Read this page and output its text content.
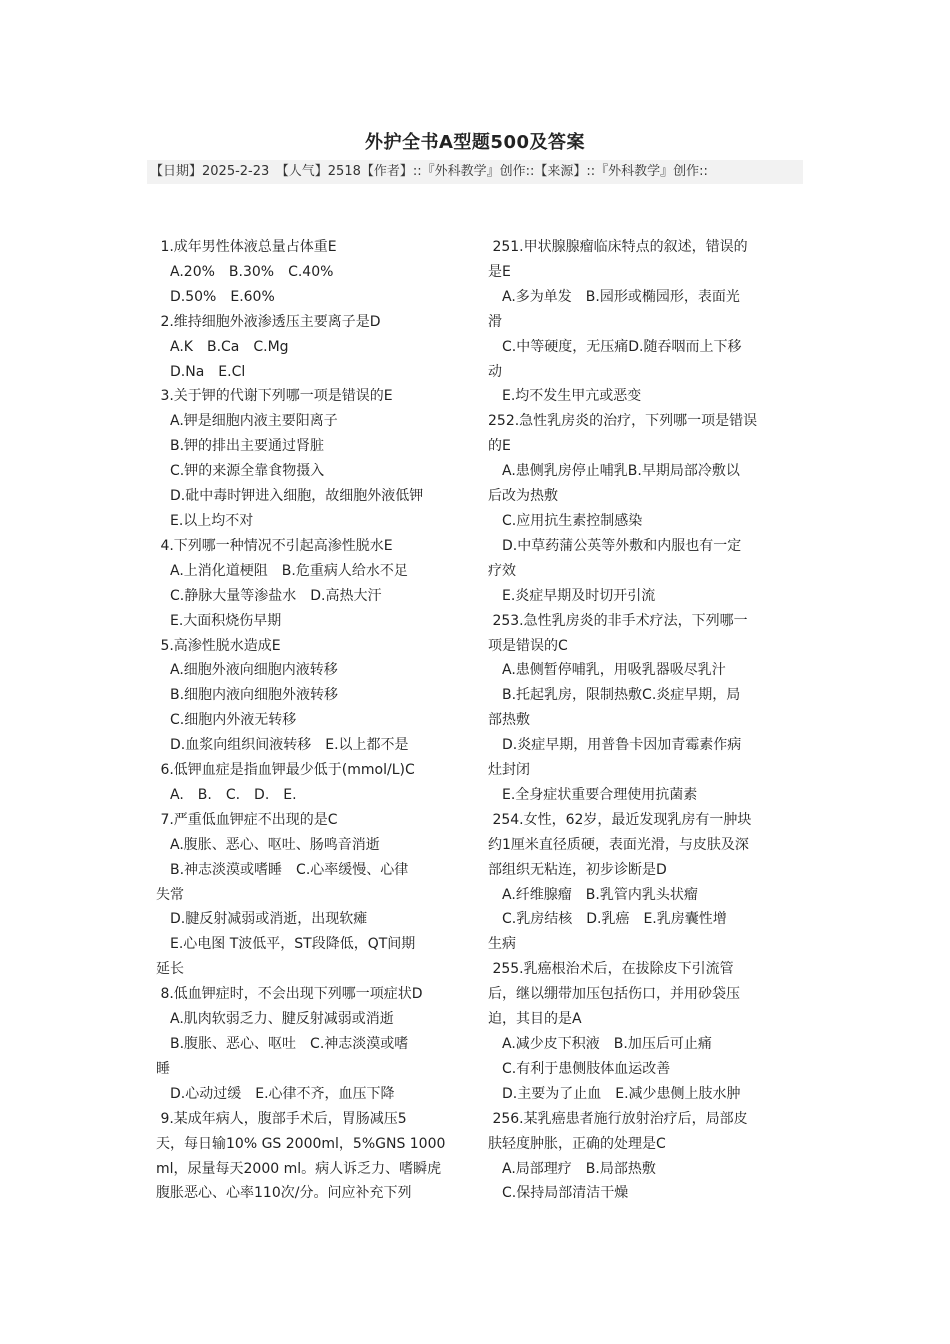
外护全书A型题500及答案
【日期】2025-2-23　【人气】2518【作者】::『外科教学』创作::【来源】::『外科教学』创作::

1.成年男性体液总量占体重E

　A.20%　B.30%　C.40%

　D.50%　E.60%

2.维持细胞外液渗透压主要离子是D

　A.K　B.Ca　C.Mg

　D.Na　E.Cl

3.关于钾的代谢下列哪一项是错误的E

　A.钾是细胞内液主要阳离子

　B.钾的排出主要通过肾脏

　C.钾的来源全靠食物摄入

　D.砒中毒时钾进入细胞，故细胞外液低钾

　E.以上均不对

4.下列哪一种情况不引起高渗性脱水E

　A.上消化道梗阻　B.危重病人给水不足

　C.静脉大量等渗盐水　D.高热大汗

　E.大面积烧伤早期

5.高渗性脱水造成E

　A.细胞外液向细胞内液转移

　B.细胞内液向细胞外液转移

　C.细胞内外液无转移

　D.血浆向组织间液转移　E.以上都不是

6.低钾血症是指血钾最少低于(mmol/L)C

　A.　B.　C.　D.　E.

7.严重低血钾症不出现的是C

　A.腹胀、恶心、呕吐、肠鸣音消逝

　B.神志淡漠或嗜睡　C.心率缓慢、心律

失常

　D.腱反射减弱或消逝，出现软瘫

　E.心电图 T波低平，ST段降低，QT间期

延长

8.低血钾症时，不会出现下列哪一项症状D

　A.肌肉软弱乏力、腱反射减弱或消逝

　B.腹胀、恶心、呕吐　C.神志淡漠或嗜

睡

　D.心动过缓　E.心律不齐，血压下降

9.某成年病人，腹部手术后，胃肠减压5

天，每日输10% GS 2000ml，5%GNS 1000

ml，尿量每天2000 ml。病人诉乏力、嗜瞬虎

腹胀恶心、心率110次/分。问应补充下列

251.甲状腺腺瘤临床特点的叙述，错误的

是E

　A.多为单发　B.园形或椭园形，表面光

滑

　C.中等硬度，无压痛D.随吞咽而上下移

动

　E.均不发生甲亢或恶变

252.急性乳房炎的治疗，下列哪一项是错误

的E

　A.患侧乳房停止哺乳B.早期局部冷敷以

后改为热敷

　C.应用抗生素控制感染

　D.中草药蒲公英等外敷和内服也有一定

疗效

　E.炎症早期及时切开引流

253.急性乳房炎的非手术疗法，下列哪一

项是错误的C

　A.患侧暂停哺乳，用吸乳器吸尽乳汁

　B.托起乳房，限制热敷C.炎症早期，局

部热敷

　D.炎症早期，用普鲁卡因加青霉素作病

灶封闭

　E.全身症状重要合理使用抗菌素

254.女性，62岁，最近发现乳房有一肿块

约1厘米直径质硬，表面光滑，与皮肤及深

部组织无粘连，初步诊断是D

　A.纤维腺瘤　B.乳管内乳头状瘤

　C.乳房结核　D.乳癌　E.乳房囊性增

生病

255.乳癌根治术后，在拔除皮下引流管

后，继以绷带加压包括伤口，并用砂袋压

迫，其目的是A

　A.减少皮下积液　B.加压后可止痛

　C.有利于患侧肢体血运改善

　D.主要为了止血　E.减少患侧上肢水肿

256.某乳癌患者施行放射治疗后，局部皮

肤轻度肿胀，正确的处理是C

　A.局部理疗　B.局部热敷

　C.保持局部清洁干燥
